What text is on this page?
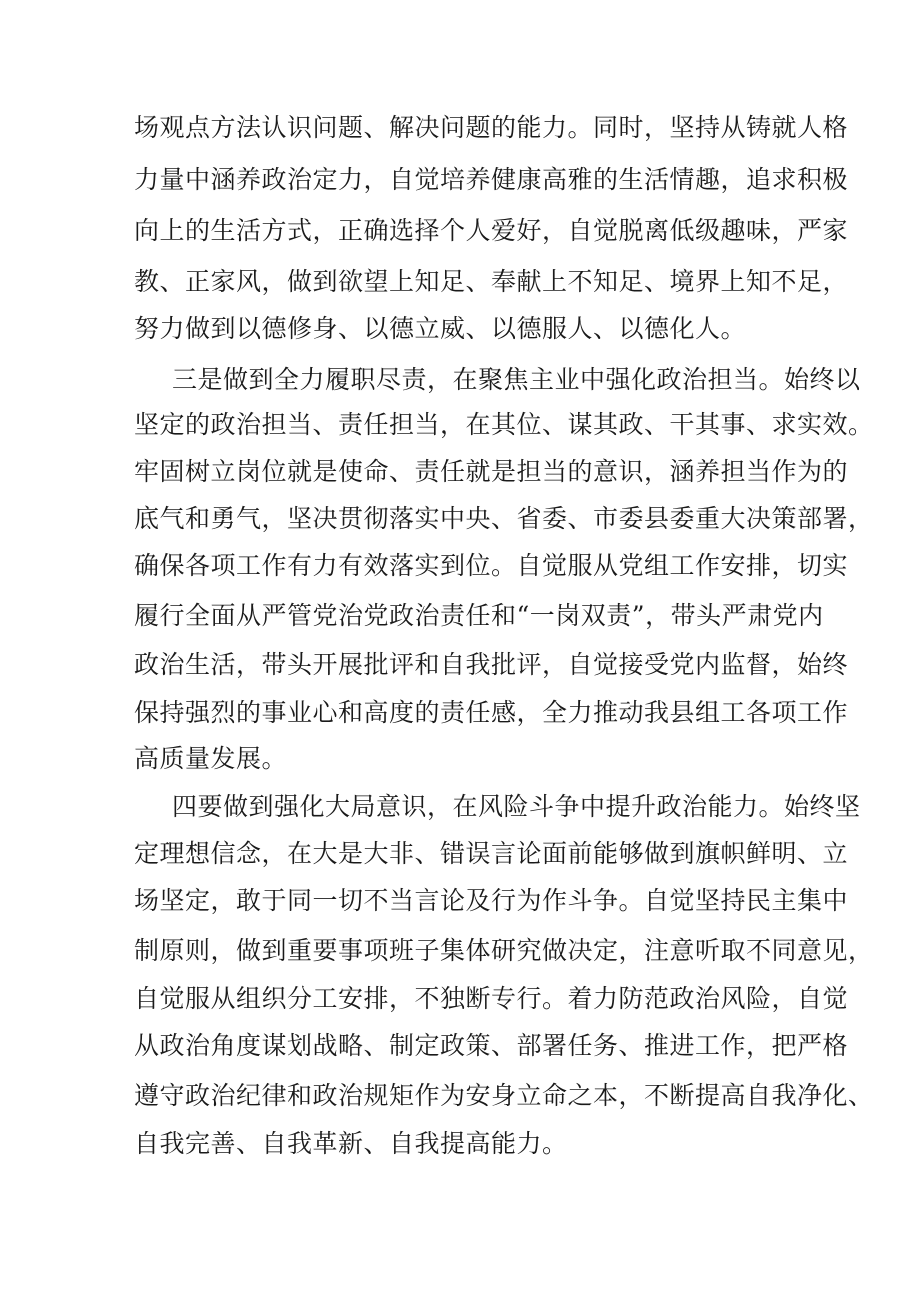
场观点方法认识问题、解决问题的能力。同时，坚持从铸就人格
力量中涵养政治定力，自觉培养健康高雅的生活情趣，追求积极
向上的生活方式，正确选择个人爱好，自觉脱离低级趣味，严家
教、正家风，做到欲望上知足、奉献上不知足、境界上知不足，
努力做到以德修身、以德立威、以德服人、以德化人。
三是做到全力履职尽责，在聚焦主业中强化政治担当。始终以
坚定的政治担当、责任担当，在其位、谋其政、干其事、求实效。
牢固树立岗位就是使命、责任就是担当的意识，涵养担当作为的
底气和勇气，坚决贯彻落实中央、省委、市委县委重大决策部署，
确保各项工作有力有效落实到位。自觉服从党组工作安排，切实
履行全面从严管党治党政治责任和“一岗双责”，带头严肃党内
政治生活，带头开展批评和自我批评，自觉接受党内监督，始终
保持强烈的事业心和高度的责任感，全力推动我县组工各项工作
高质量发展。
四要做到强化大局意识，在风险斗争中提升政治能力。始终坚
定理想信念，在大是大非、错误言论面前能够做到旗帜鲜明、立
场坚定，敢于同一切不当言论及行为作斗争。自觉坚持民主集中
制原则，做到重要事项班子集体研究做决定，注意听取不同意见，
自觉服从组织分工安排，不独断专行。着力防范政治风险，自觉
从政治角度谋划战略、制定政策、部署任务、推进工作，把严格
遵守政治纪律和政治规矩作为安身立命之本，不断提高自我净化、
自我完善、自我革新、自我提高能力。
